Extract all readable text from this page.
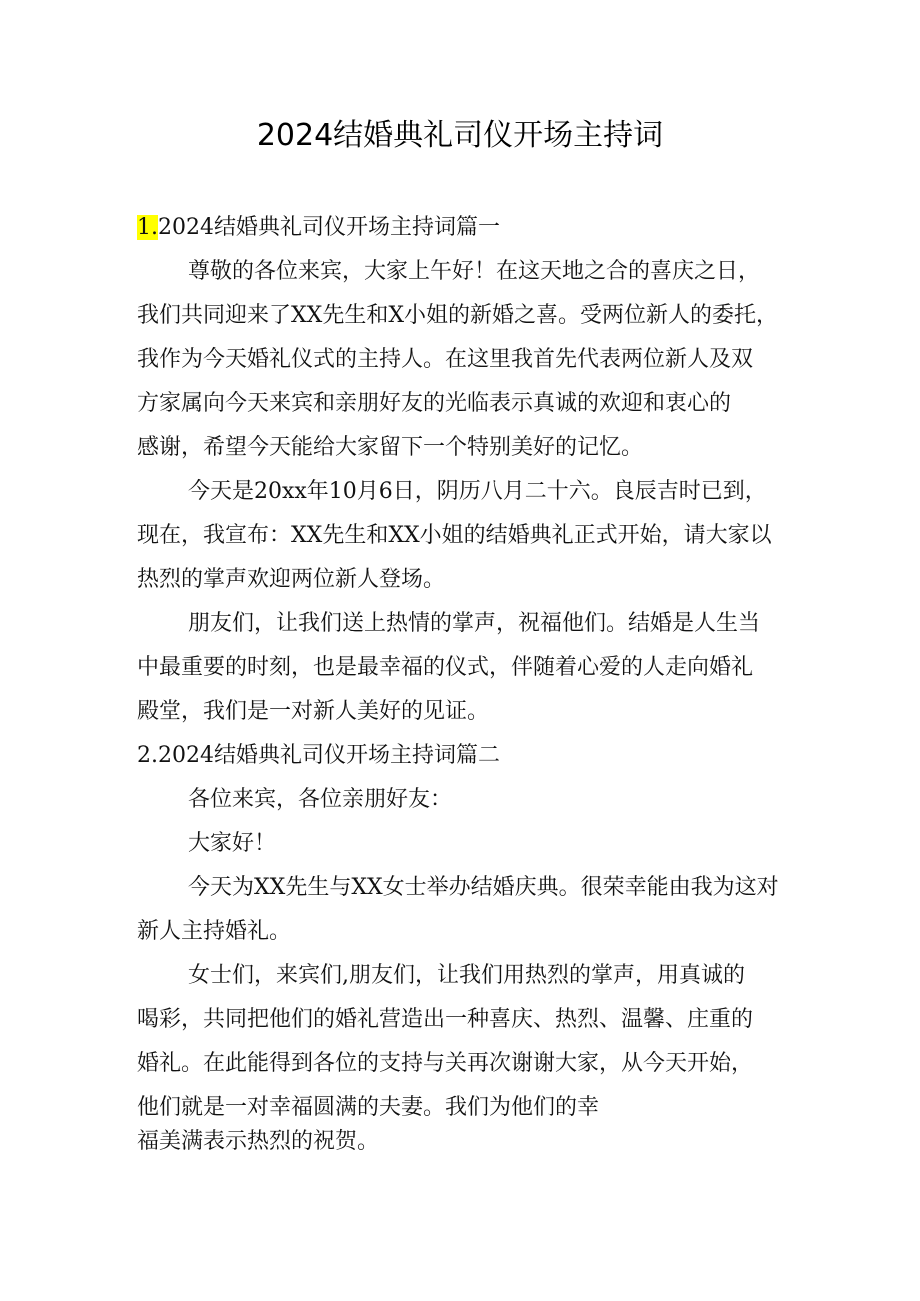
2024结婚典礼司仪开场主持词
1.2024结婚典礼司仪开场主持词篇一
尊敬的各位来宾，大家上午好！在这天地之合的喜庆之日，
我们共同迎来了XX先生和X小姐的新婚之喜。受两位新人的委托，
我作为今天婚礼仪式的主持人。在这里我首先代表两位新人及双
方家属向今天来宾和亲朋好友的光临表示真诚的欢迎和衷心的
感谢，希望今天能给大家留下一个特别美好的记忆。
今天是20xx年10月6日，阴历八月二十六。良辰吉时已到，
现在，我宣布：XX先生和XX小姐的结婚典礼正式开始，请大家以
热烈的掌声欢迎两位新人登场。
朋友们，让我们送上热情的掌声，祝福他们。结婚是人生当
中最重要的时刻，也是最幸福的仪式，伴随着心爱的人走向婚礼
殿堂，我们是一对新人美好的见证。
2.2024结婚典礼司仪开场主持词篇二
各位来宾，各位亲朋好友：
大家好！
今天为XX先生与XX女士举办结婚庆典。很荣幸能由我为这对
新人主持婚礼。
女士们，来宾们,朋友们，让我们用热烈的掌声，用真诚的
喝彩，共同把他们的婚礼营造出一种喜庆、热烈、温馨、庄重的
婚礼。在此能得到各位的支持与关再次谢谢大家，从今天开始，
他们就是一对幸福圆满的夫妻。我们为他们的幸
福美满表示热烈的祝贺。
